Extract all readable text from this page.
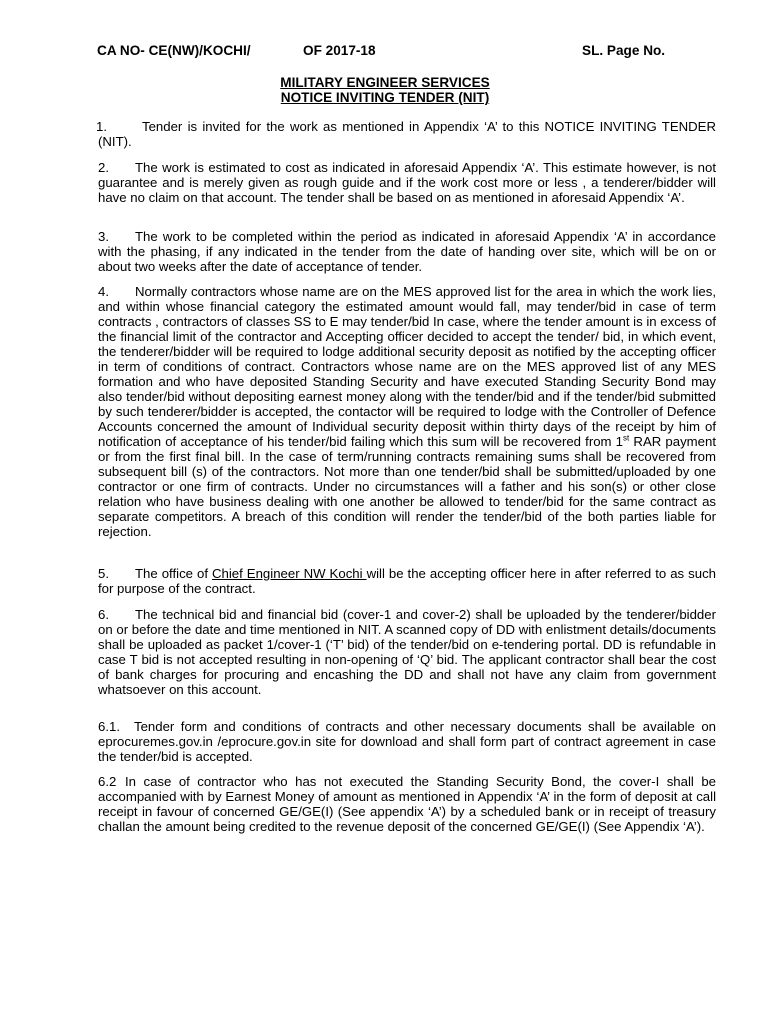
CA NO- CE(NW)/KOCHI/	OF 2017-18	SL. Page No.
MILITARY ENGINEER SERVICES
NOTICE INVITING TENDER (NIT)
1.	Tender is invited for the work as mentioned in Appendix ‘A’ to this NOTICE INVITING TENDER (NIT).
2.	The work is estimated to cost as indicated in aforesaid Appendix ‘A’. This estimate however, is not guarantee and is merely given as rough guide and if the work cost more or less , a tenderer/bidder will have no claim on that account. The tender shall be based on as mentioned in aforesaid Appendix ‘A’.
3.	The work to be completed within the period as indicated in aforesaid Appendix ‘A’ in accordance with the phasing, if any indicated in the tender from the date of handing over site, which will be on or about two weeks after the date of acceptance of tender.
4.	Normally contractors whose name are on the MES approved list for the area in which the work lies, and within whose financial category the estimated amount would fall, may tender/bid in case of term contracts , contractors of classes SS to E may tender/bid In case, where the tender amount is in excess of the financial limit of the contractor and Accepting officer decided to accept the tender/ bid, in which event, the tenderer/bidder will be required to lodge additional security deposit as notified by the accepting officer in term of conditions of contract. Contractors whose name are on the MES approved list of any MES formation and who have deposited Standing Security and have executed Standing Security Bond may also tender/bid without depositing earnest money along with the tender/bid and if the tender/bid submitted by such tenderer/bidder is accepted, the contactor will be required to lodge with the Controller of Defence Accounts concerned the amount of Individual security deposit within thirty days of the receipt by him of notification of acceptance of his tender/bid failing which this sum will be recovered from 1st RAR payment or from the first final bill. In the case of term/running contracts remaining sums shall be recovered from subsequent bill (s) of the contractors. Not more than one tender/bid shall be submitted/uploaded by one contractor or one firm of contracts. Under no circumstances will a father and his son(s) or other close relation who have business dealing with one another be allowed to tender/bid for the same contract as separate competitors. A breach of this condition will render the tender/bid of the both parties liable for rejection.
5.	The office of Chief Engineer NW Kochi will be the accepting officer here in after referred to as such for purpose of the contract.
6.	The technical bid and financial bid (cover-1 and cover-2) shall be uploaded by the tenderer/bidder on or before the date and time mentioned in NIT. A scanned copy of DD with enlistment details/documents shall be uploaded as packet 1/cover-1 (‘T’ bid) of the tender/bid on e-tendering portal. DD is refundable in case T bid is not accepted resulting in non-opening of ‘Q’ bid. The applicant contractor shall bear the cost of bank charges for procuring and encashing the DD and shall not have any claim from government whatsoever on this account.
6.1.	Tender form and conditions of contracts and other necessary documents shall be available on eprocuremes.gov.in /eprocure.gov.in site for download and shall form part of contract agreement in case the tender/bid is accepted.
6.2 In case of contractor who has not executed the Standing Security Bond, the cover-I shall be accompanied with by Earnest Money of amount as mentioned in Appendix ‘A’ in the form of deposit at call receipt in favour of concerned GE/GE(I) (See appendix ‘A’) by a scheduled bank or in receipt of treasury challan the amount being credited to the revenue deposit of the concerned GE/GE(I) (See Appendix ‘A’).
